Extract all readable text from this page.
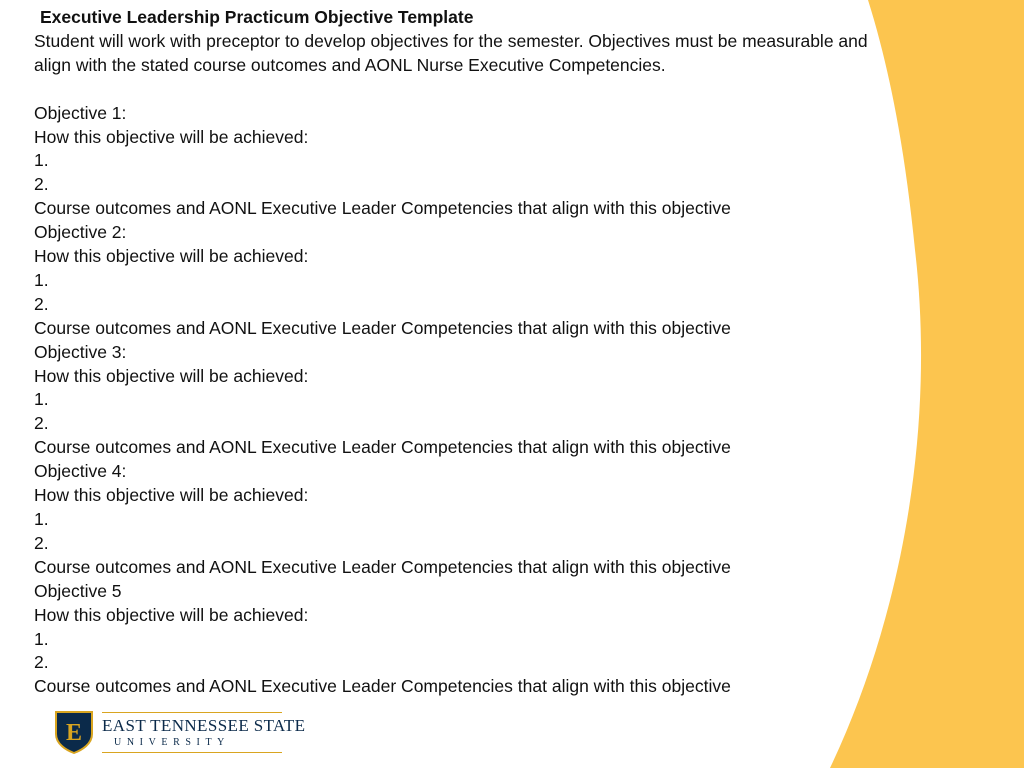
Executive Leadership Practicum Objective Template

Student will work with preceptor to develop objectives for the semester. Objectives must be measurable and

align with the stated course outcomes and AONL Nurse Executive Competencies.

Objective 1:

How this objective will be achieved:

1.

2.

Course outcomes and AONL Executive Leader Competencies that align with this objective

Objective 2:

How this objective will be achieved:

1.

2.

Course outcomes and AONL Executive Leader Competencies that align with this objective

Objective 3:

How this objective will be achieved:

1.

2.

Course outcomes and AONL Executive Leader Competencies that align with this objective

Objective 4:

How this objective will be achieved:

1.

2.

Course outcomes and AONL Executive Leader Competencies that align with this objective

Objective 5

How this objective will be achieved:

1.

2.

Course outcomes and AONL Executive Leader Competencies that align with this objective

E EAST TENNESSEE STATE
UNIVERSITY
